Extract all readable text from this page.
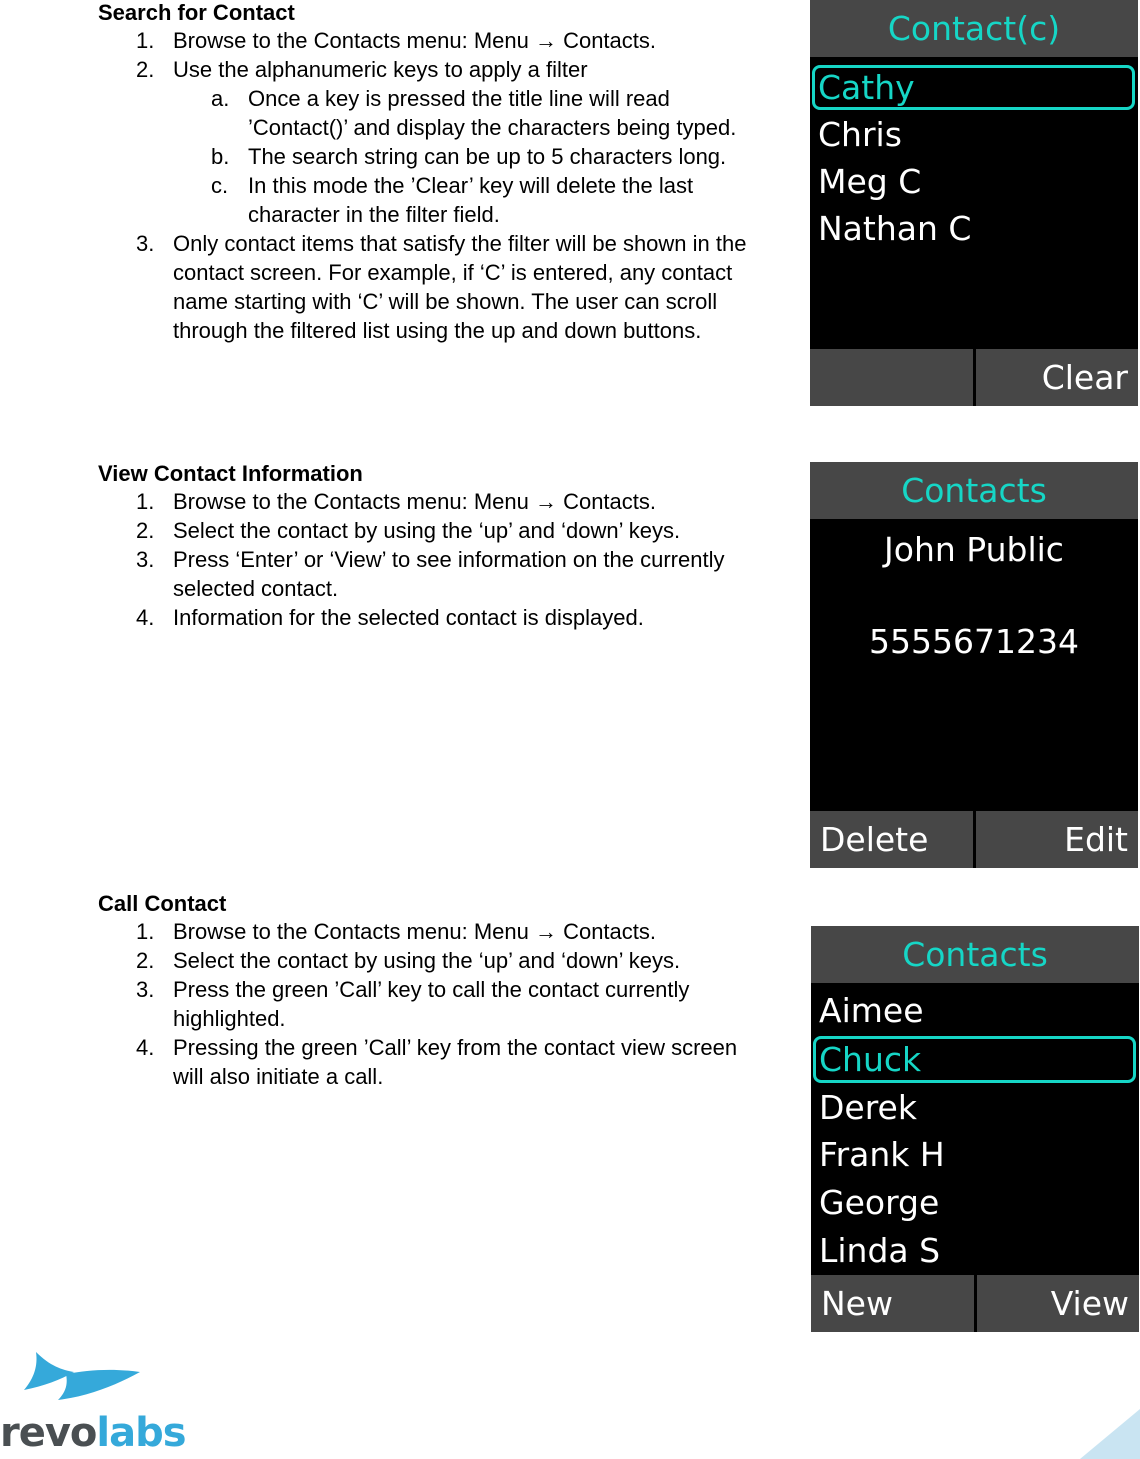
Search for Contact
1. Browse to the Contacts menu: Menu → Contacts.
2. Use the alphanumeric keys to apply a filter
a. Once a key is pressed the title line will read ’Contact()’ and display the characters being typed.
b. The search string can be up to 5 characters long.
c. In this mode the ’Clear’ key will delete the last character in the filter field.
3. Only contact items that satisfy the filter will be shown in the contact screen. For example, if ‘C’ is entered, any contact name starting with ‘C’ will be shown. The user can scroll through the filtered list using the up and down buttons.
View Contact Information
1. Browse to the Contacts menu: Menu → Contacts.
2. Select the contact by using the ‘up’ and ‘down’ keys.
3. Press ‘Enter’ or ‘View’ to see information on the currently selected contact.
4. Information for the selected contact is displayed.
Call Contact
1. Browse to the Contacts menu: Menu → Contacts.
2. Select the contact by using the ‘up’ and ‘down’ keys.
3. Press the green ’Call’ key to call the contact currently highlighted.
4. Pressing the green ’Call’ key from the contact view screen will also initiate a call.
Contact(c)
Cathy
Chris
Meg C
Nathan C
Clear
Contacts
John Public
5555671234
Delete	Edit
Contacts
Aimee
Chuck
Derek
Frank H
George
Linda S
New	View
revolabs
